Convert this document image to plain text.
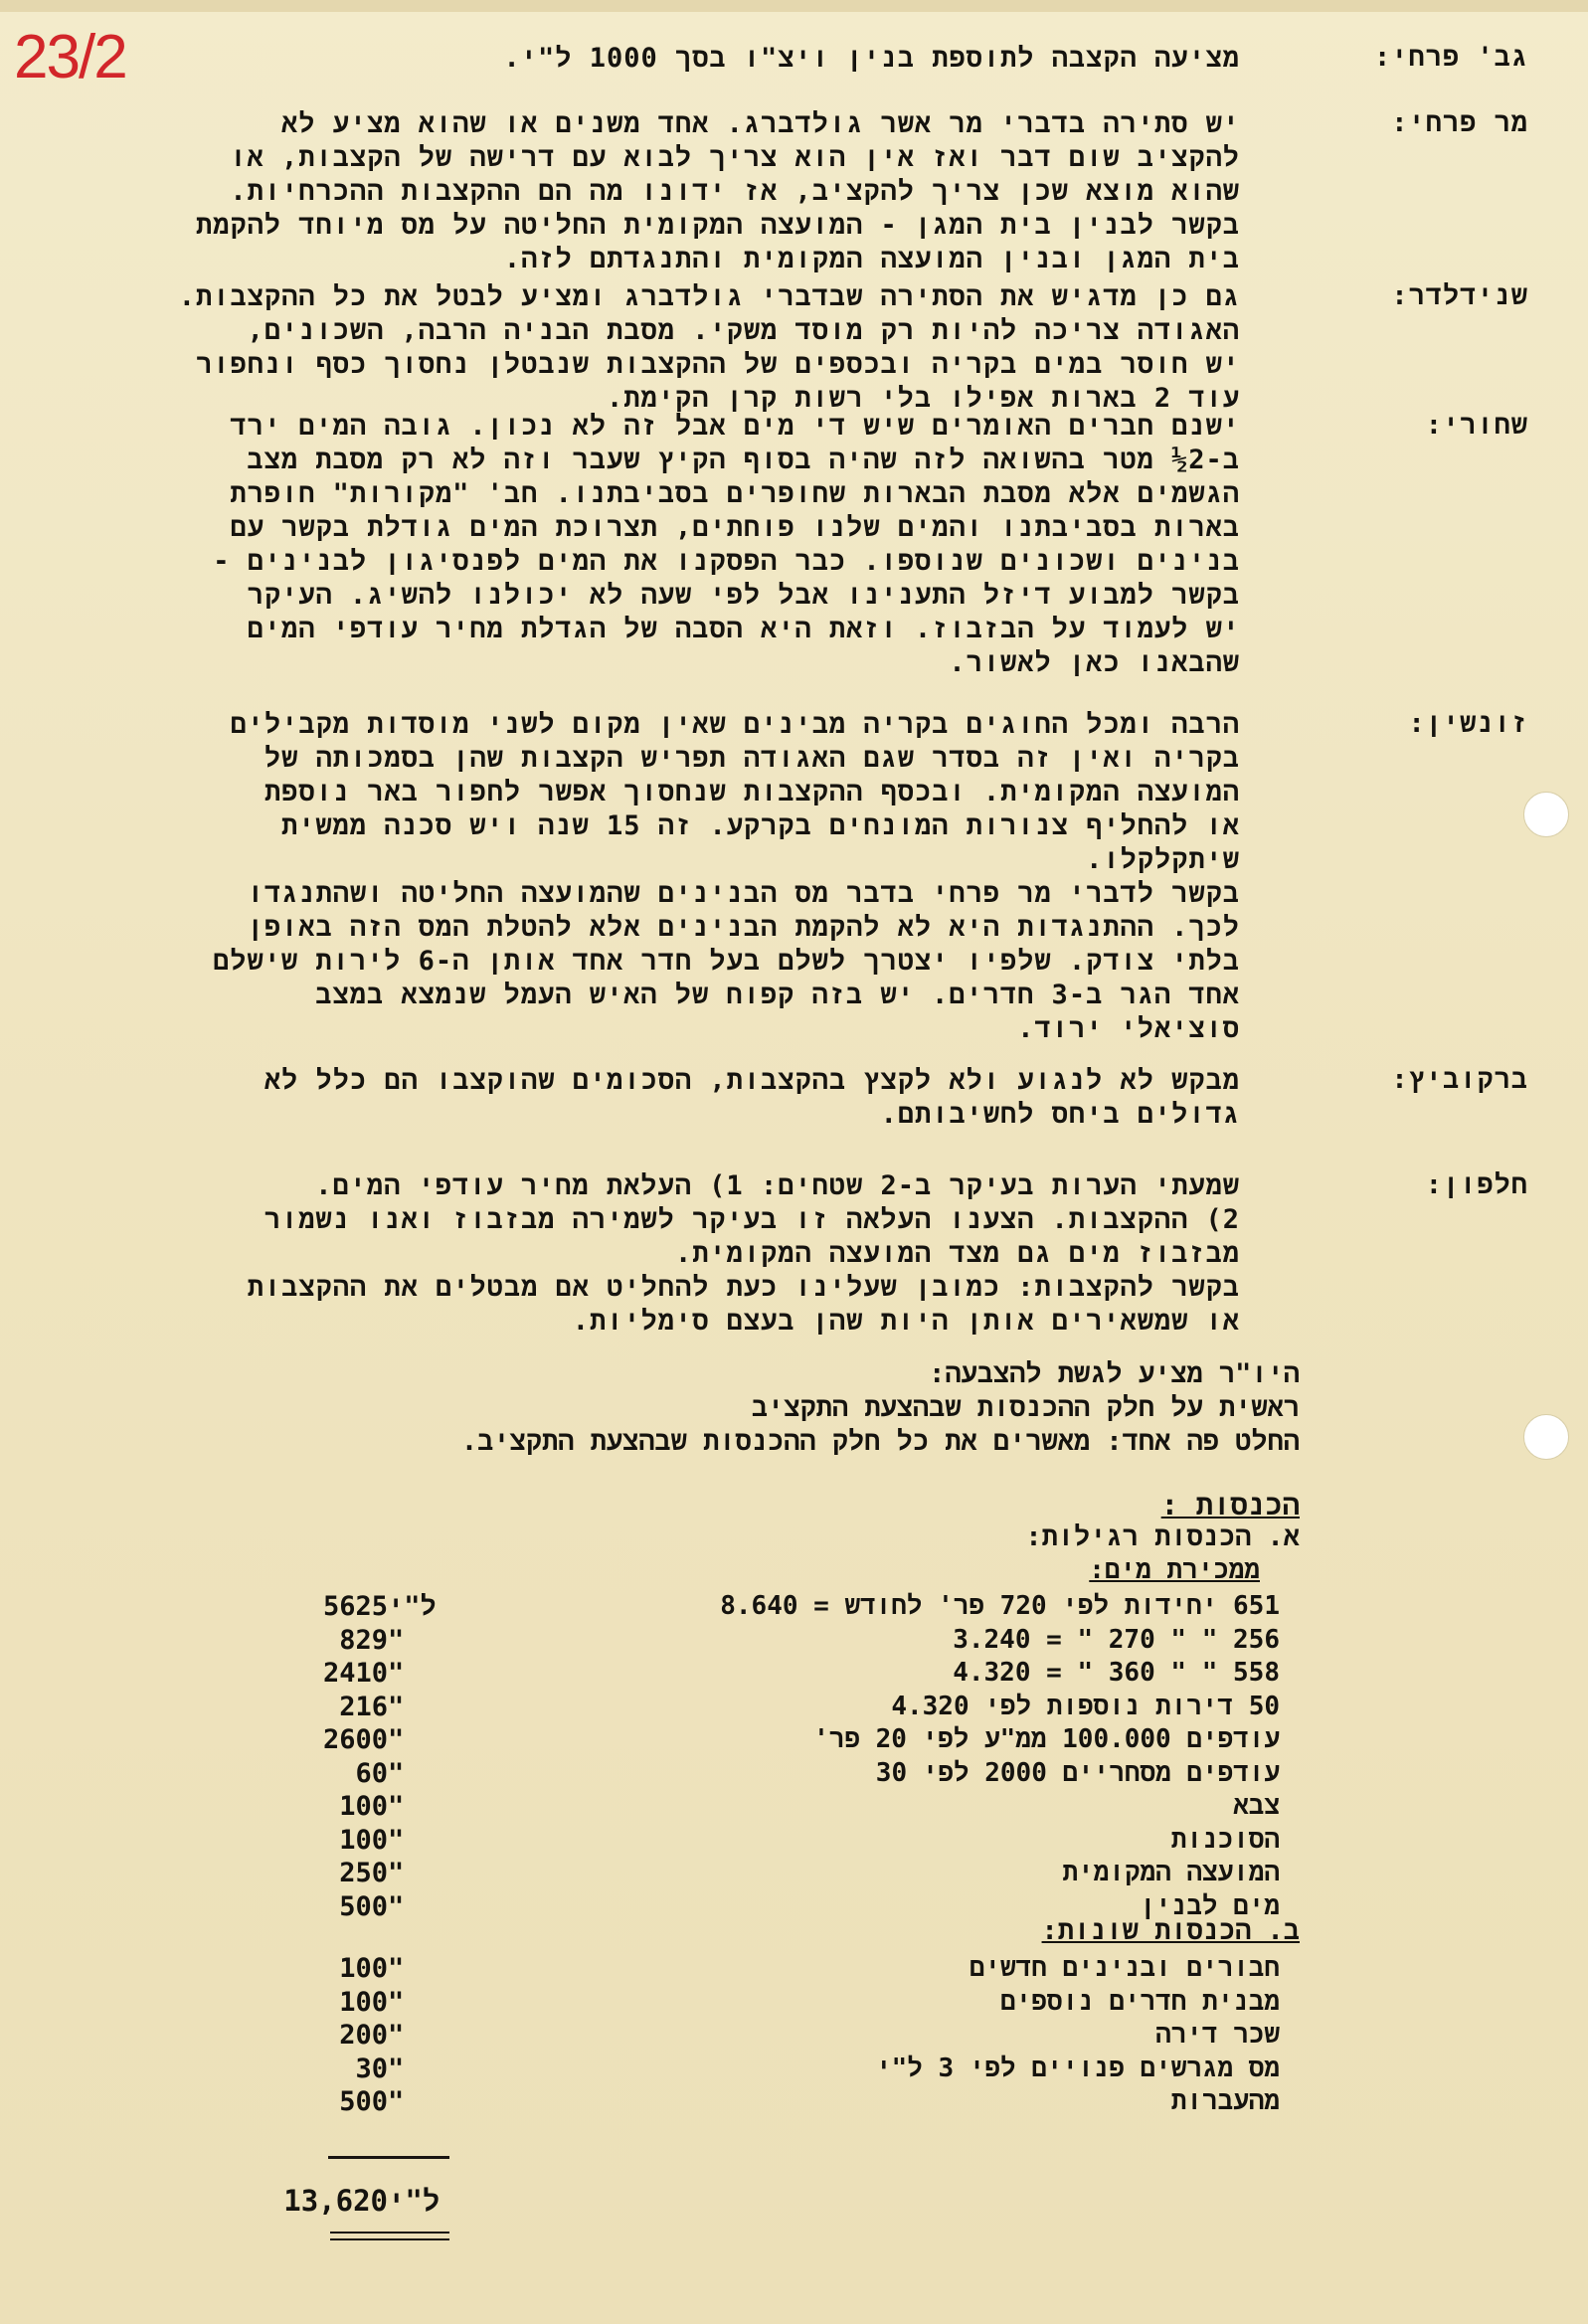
23/2	גב' פרחי:
מציעה הקצבה לתוספת בנין ויצ"ו בסך 1000 ל"י.
מר פרחי:
יש סתירה בדברי מר אשר גולדברג. אחד משנים או שהוא מציע לא
להקציב שום דבר ואז אין הוא צריך לבוא עם דרישה של הקצבות, או
שהוא מוצא שכן צריך להקציב, אז ידונו מה הם ההקצבות ההכרחיות.
בקשר לבנין בית המגן - המועצה המקומית החליטה על מס מיוחד להקמת
בית המגן ובנין המועצה המקומית והתנגדתם לזה.
שנידלדר:
גם כן מדגיש את הסתירה שבדברי גולדברג ומציע לבטל את כל ההקצבות.
האגודה צריכה להיות רק מוסד משקי. מסבת הבניה הרבה, השכונים,
יש חוסר במים בקריה ובכספים של ההקצבות שנבטלן נחסוך כסף ונחפור
עוד 2 בארות אפילו בלי רשות קרן הקימת.
שחורי:
ישנם חברים האומרים שיש די מים אבל זה לא נכון. גובה המים ירד
ב-2½ מטר בהשואה לזה שהיה בסוף הקיץ שעבר וזה לא רק מסבת מצב
הגשמים אלא מסבת הבארות שחופרים בסביבתנו. חב' "מקורות" חופרת
בארות בסביבתנו והמים שלנו פוחתים, תצרוכת המים גודלת בקשר עם
בנינים ושכונים שנוספו. כבר הפסקנו את המים לפנסיגון לבנינים -
בקשר למבוע דיזל התענינו אבל לפי שעה לא יכולנו להשיג. העיקר
יש לעמוד על הבזבוז. וזאת היא הסבה של הגדלת מחיר עודפי המים
שהבאנו כאן לאשור.
זונשין:
הרבה ומכל החוגים בקריה מבינים שאין מקום לשני מוסדות מקבילים
בקריה ואין זה בסדר שגם האגודה תפריש הקצבות שהן בסמכותה של
המועצה המקומית. ובכסף ההקצבות שנחסוך אפשר לחפור באר נוספת
או להחליף צנורות המונחים בקרקע. זה 15 שנה ויש סכנה ממשית
שיתקלקלו.
בקשר לדברי מר פרחי בדבר מס הבנינים שהמועצה החליטה ושהתנגדו
לכך. ההתנגדות היא לא להקמת הבנינים אלא להטלת המס הזה באופן
בלתי צודק. שלפיו יצטרך לשלם בעל חדר אחד אותן ה-6 לירות שישלם
אחד הגר ב-3 חדרים. יש בזה קפוח של האיש העמל שנמצא במצב
סוציאלי ירוד.
ברקוביץ:
מבקש לא לנגוע ולא לקצץ בהקצבות, הסכומים שהוקצבו הם כלל לא
גדולים ביחס לחשיבותם.
חלפון:
שמעתי הערות בעיקר ב-2 שטחים: 1) העלאת מחיר עודפי המים.
2) ההקצבות. הצענו העלאה זו בעיקר לשמירה מבזבוז ואנו נשמור
מבזבוז מים גם מצד המועצה המקומית.
בקשר להקצבות: כמובן שעלינו כעת להחליט אם מבטלים את ההקצבות
או שמשאירים אותן היות שהן בעצם סימליות.
היו"ר מציע לגשת להצבעה:
ראשית על חלק ההכנסות שבהצעת התקציב
החלט פה אחד: מאשרים את כל חלק ההכנסות שבהצעת התקציב.
הכנסות :
א. הכנסות רגילות:
ממכירת מים:
651 יחידות לפי 720 פר' לחודש = 8.640
5625ל"י
256 " " 270 " = 3.240
829"
558 " " 360 " = 4.320
2410"
50 דירות נוספות לפי 4.320
216"
עודפים 100.000 ממ"ע לפי 20 פר'
2600"
עודפים מסחריים 2000 לפי 30
60"
צבא
100"
הסוכנות
100"
המועצה המקומית
250"
מים לבנין
500"
ב. הכנסות שונות:
חבורים ובנינים חדשים
100"
מבנית חדרים נוספים
100"
שכר דירה
200"
מס מגרשים פנויים לפי 3 ל"י
30"
מהעברות
500"
13,620ל"י
